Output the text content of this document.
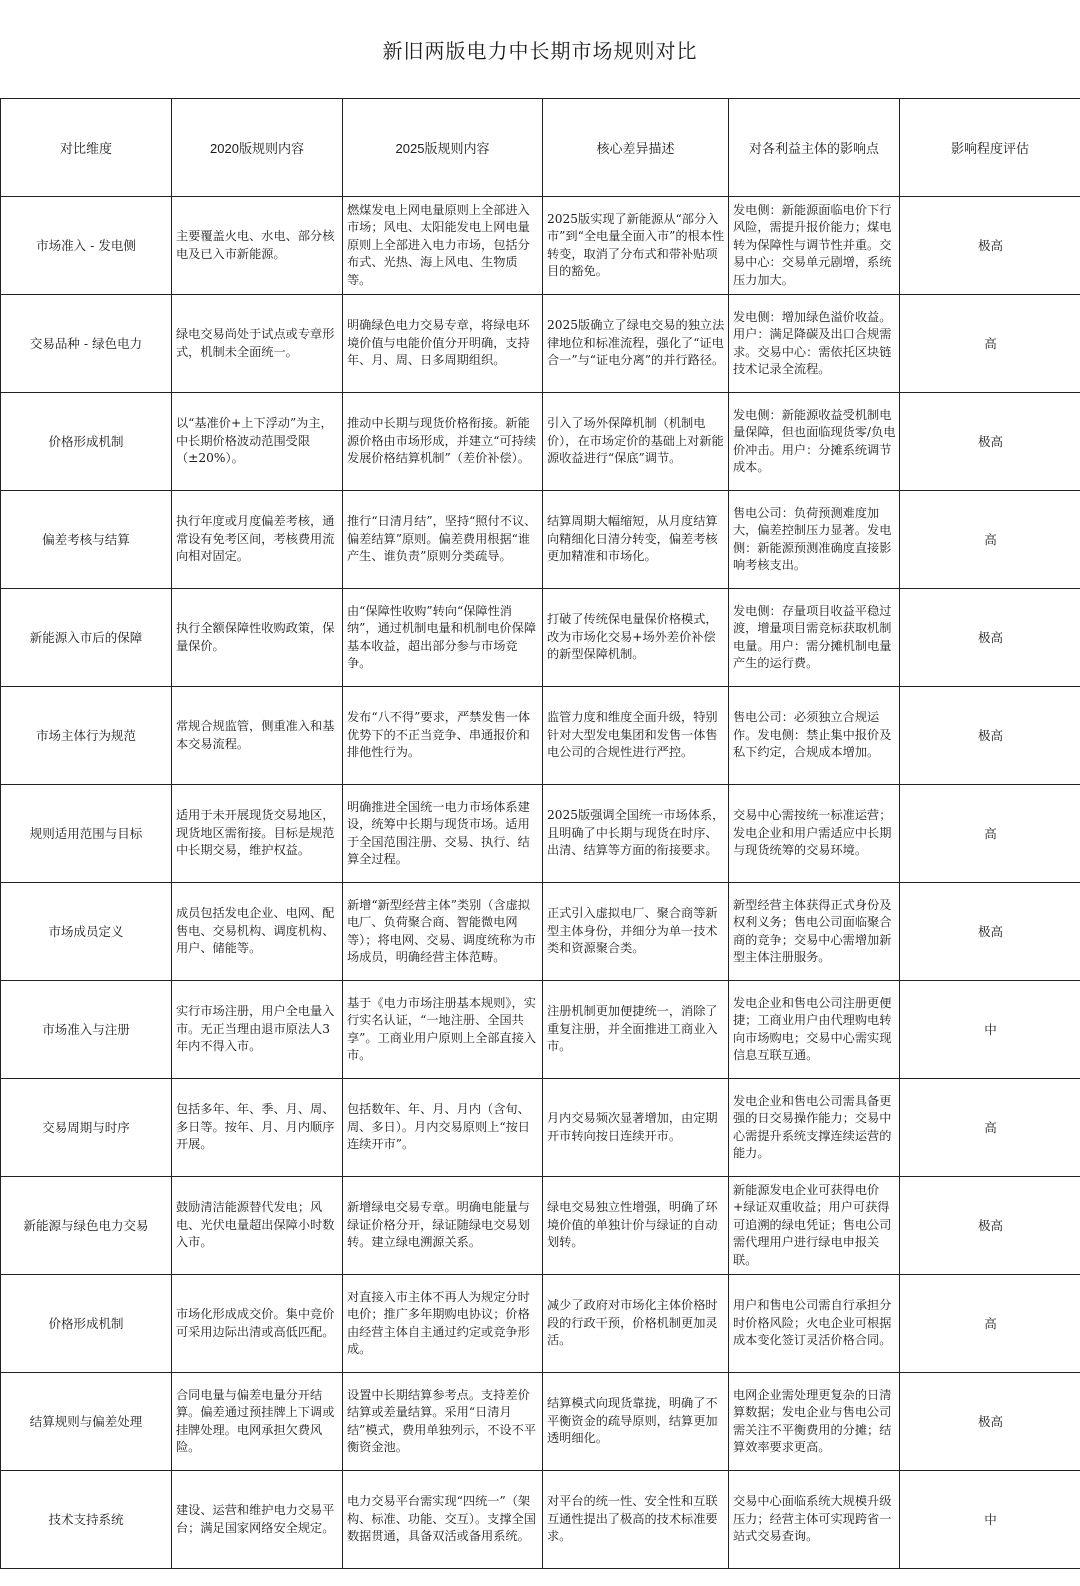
新旧两版电力中长期市场规则对比
对比维度	2020版规则内容	2025版规则内容	核心差异描述	对各利益主体的影响点	影响程度评估
市场准入 - 发电侧	主要覆盖火电、水电、部分核电及已入市新能源。	燃煤发电上网电量原则上全部进入市场；风电、太阳能发电上网电量原则上全部进入电力市场，包括分布式、光热、海上风电、生物质等。	2025版实现了新能源从“部分入市”到“全电量全面入市”的根本性转变，取消了分布式和带补贴项目的豁免。	发电侧：新能源面临电价下行风险，需提升报价能力；煤电转为保障性与调节性并重。交易中心：交易单元剧增，系统压力加大。	极高
交易品种 - 绿色电力	绿电交易尚处于试点或专章形式，机制未全面统一。	明确绿色电力交易专章，将绿电环境价值与电能价值分开明确，支持年、月、周、日多周期组织。	2025版确立了绿电交易的独立法律地位和标准流程，强化了“证电合一”与“证电分离”的并行路径。	发电侧：增加绿色溢价收益。用户：满足降碳及出口合规需求。交易中心：需依托区块链技术记录全流程。	高
价格形成机制	以“基准价+上下浮动”为主，中长期价格波动范围受限（±20%）。	推动中长期与现货价格衔接。新能源价格由市场形成，并建立“可持续发展价格结算机制”（差价补偿）。	引入了场外保障机制（机制电价），在市场定价的基础上对新能源收益进行“保底”调节。	发电侧：新能源收益受机制电量保障，但也面临现货零/负电价冲击。用户：分摊系统调节成本。	极高
偏差考核与结算	执行年度或月度偏差考核，通常设有免考区间，考核费用流向相对固定。	推行“日清月结”，坚持“照付不议、偏差结算”原则。偏差费用根据“谁产生、谁负责”原则分类疏导。	结算周期大幅缩短，从月度结算向精细化日清分转变，偏差考核更加精准和市场化。	售电公司：负荷预测难度加大，偏差控制压力显著。发电侧：新能源预测准确度直接影响考核支出。	高
新能源入市后的保障	执行全额保障性收购政策，保量保价。	由“保障性收购”转向“保障性消纳”，通过机制电量和机制电价保障基本收益，超出部分参与市场竞争。	打破了传统保电量保价格模式，改为市场化交易+场外差价补偿的新型保障机制。	发电侧：存量项目收益平稳过渡，增量项目需竞标获取机制电量。用户：需分摊机制电量产生的运行费。	极高
市场主体行为规范	常规合规监管，侧重准入和基本交易流程。	发布“八不得”要求，严禁发售一体优势下的不正当竞争、串通报价和排他性行为。	监管力度和维度全面升级，特别针对大型发电集团和发售一体售电公司的合规性进行严控。	售电公司：必须独立合规运作。发电侧：禁止集中报价及私下约定，合规成本增加。	极高
规则适用范围与目标	适用于未开展现货交易地区，现货地区需衔接。目标是规范中长期交易，维护权益。	明确推进全国统一电力市场体系建设，统筹中长期与现货市场。适用于全国范围注册、交易、执行、结算全过程。	2025版强调全国统一市场体系，且明确了中长期与现货在时序、出清、结算等方面的衔接要求。	交易中心需按统一标准运营；发电企业和用户需适应中长期与现货统筹的交易环境。	高
市场成员定义	成员包括发电企业、电网、配售电、交易机构、调度机构、用户、储能等。	新增“新型经营主体”类别（含虚拟电厂、负荷聚合商、智能微电网等）；将电网、交易、调度统称为市场成员，明确经营主体范畴。	正式引入虚拟电厂、聚合商等新型主体身份，并细分为单一技术类和资源聚合类。	新型经营主体获得正式身份及权利义务；售电公司面临聚合商的竞争；交易中心需增加新型主体注册服务。	极高
市场准入与注册	实行市场注册，用户全电量入市。无正当理由退市原法人3年内不得入市。	基于《电力市场注册基本规则》，实行实名认证，“一地注册、全国共享”。工商业用户原则上全部直接入市。	注册机制更加便捷统一，消除了重复注册，并全面推进工商业入市。	发电企业和售电公司注册更便捷；工商业用户由代理购电转向市场购电；交易中心需实现信息互联互通。	中
交易周期与时序	包括多年、年、季、月、周、多日等。按年、月、月内顺序开展。	包括数年、年、月、月内（含旬、周、多日）。月内交易原则上“按日连续开市”。	月内交易频次显著增加，由定期开市转向按日连续开市。	发电企业和售电公司需具备更强的日交易操作能力；交易中心需提升系统支撑连续运营的能力。	高
新能源与绿色电力交易	鼓励清洁能源替代发电；风电、光伏电量超出保障小时数入市。	新增绿电交易专章。明确电能量与绿证价格分开，绿证随绿电交易划转。建立绿电溯源关系。	绿电交易独立性增强，明确了环境价值的单独计价与绿证的自动划转。	新能源发电企业可获得电价+绿证双重收益；用户可获得可追溯的绿电凭证；售电公司需代理用户进行绿电申报关联。	极高
价格形成机制	市场化形成成交价。集中竞价可采用边际出清或高低匹配。	对直接入市主体不再人为规定分时电价；推广多年期购电协议；价格由经营主体自主通过约定或竞争形成。	减少了政府对市场化主体价格时段的行政干预，价格机制更加灵活。	用户和售电公司需自行承担分时价格风险；火电企业可根据成本变化签订灵活价格合同。	高
结算规则与偏差处理	合同电量与偏差电量分开结算。偏差通过预挂牌上下调或挂牌处理。电网承担欠费风险。	设置中长期结算参考点。支持差价结算或差量结算。采用“日清月结”模式，费用单独列示，不设不平衡资金池。	结算模式向现货靠拢，明确了不平衡资金的疏导原则，结算更加透明细化。	电网企业需处理更复杂的日清算数据；发电企业与售电公司需关注不平衡费用的分摊；结算效率要求更高。	极高
技术支持系统	建设、运营和维护电力交易平台；满足国家网络安全规定。	电力交易平台需实现“四统一”（架构、标准、功能、交互）。支撑全国数据贯通，具备双活或备用系统。	对平台的统一性、安全性和互联互通性提出了极高的技术标准要求。	交易中心面临系统大规模升级压力；经营主体可实现跨省一站式交易查询。	中
